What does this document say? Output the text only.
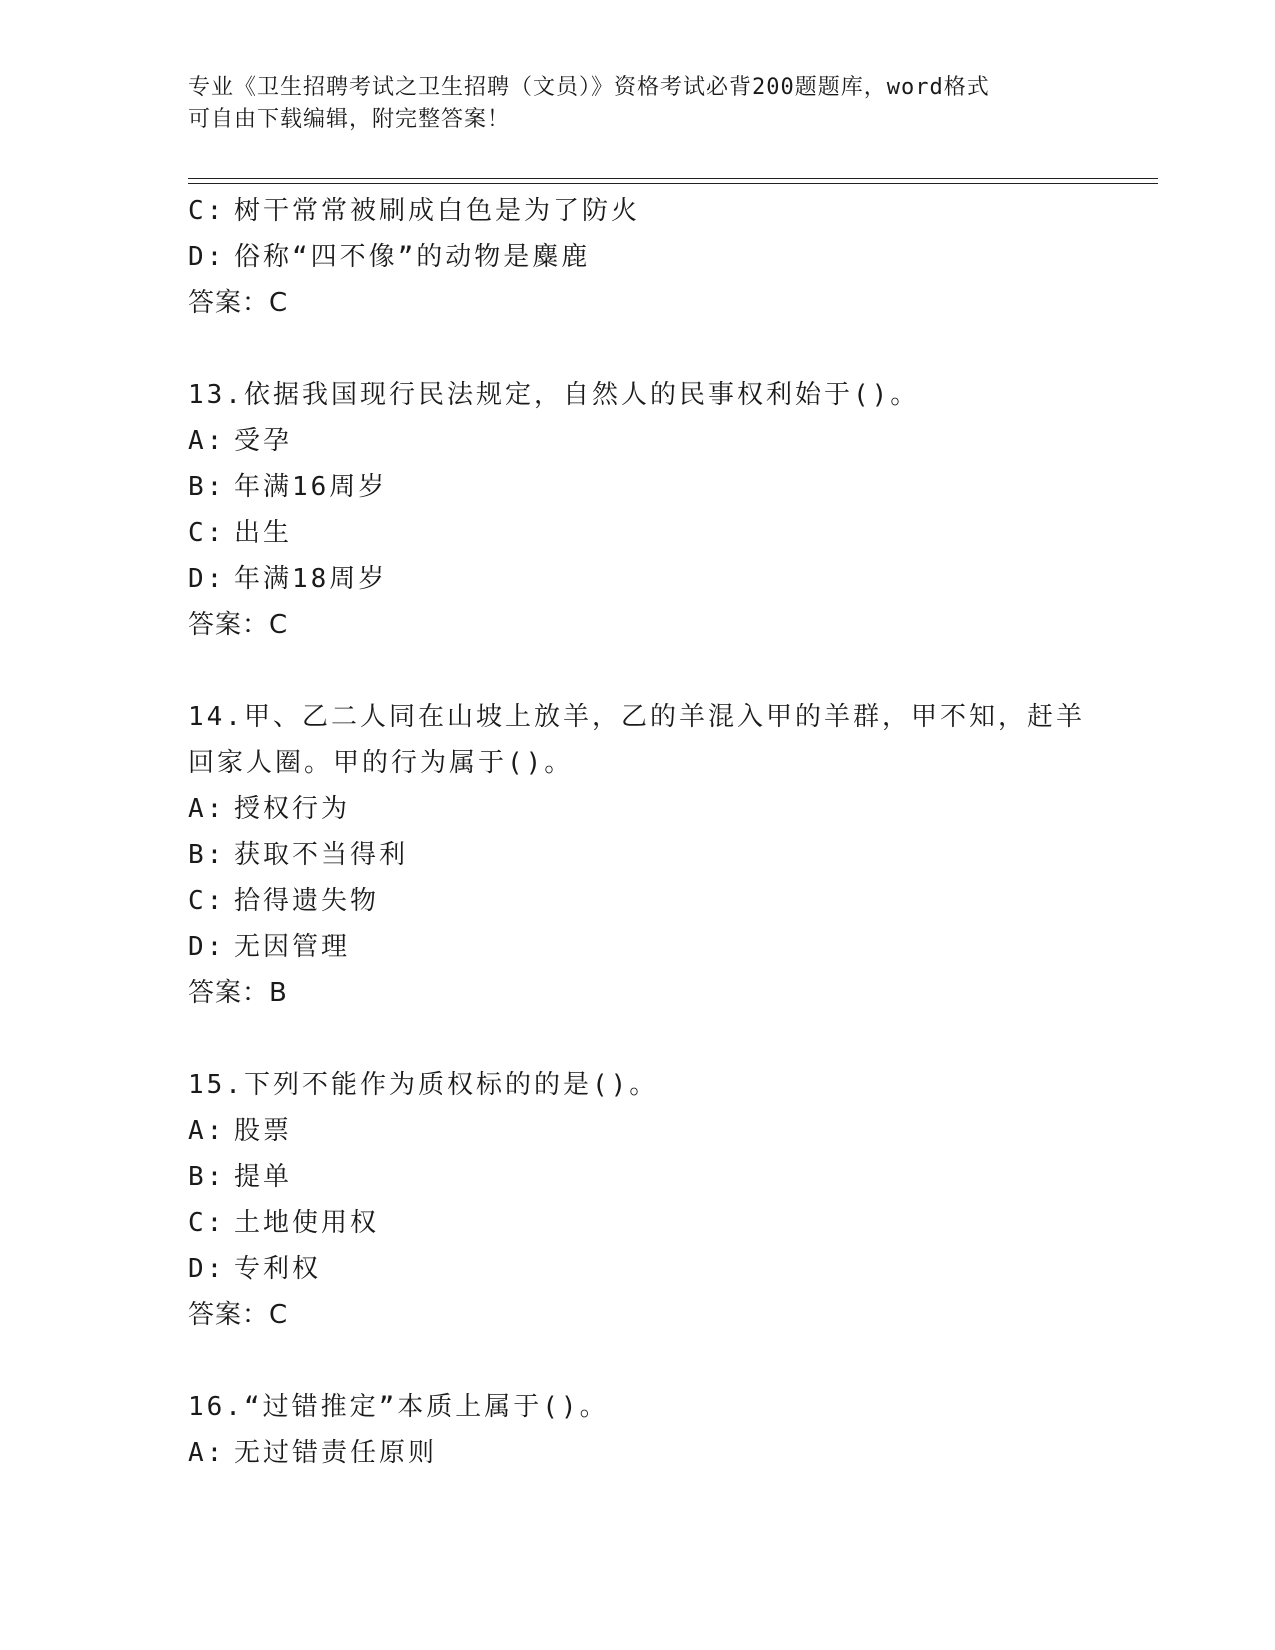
专业《卫生招聘考试之卫生招聘（文员）》资格考试必背200题题库，word格式
可自由下载编辑，附完整答案！
C: 树干常常被刷成白色是为了防火
D: 俗称“四不像”的动物是麋鹿
答案：C
13.依据我国现行民法规定，自然人的民事权利始于()。
A: 受孕
B: 年满16周岁
C: 出生
D: 年满18周岁
答案：C
14.甲、乙二人同在山坡上放羊，乙的羊混入甲的羊群，甲不知，赶羊
回家人圈。甲的行为属于()。
A: 授权行为
B: 获取不当得利
C: 拾得遗失物
D: 无因管理
答案：B
15.下列不能作为质权标的的是()。
A: 股票
B: 提单
C: 土地使用权
D: 专利权
答案：C
16.“过错推定”本质上属于()。
A: 无过错责任原则
